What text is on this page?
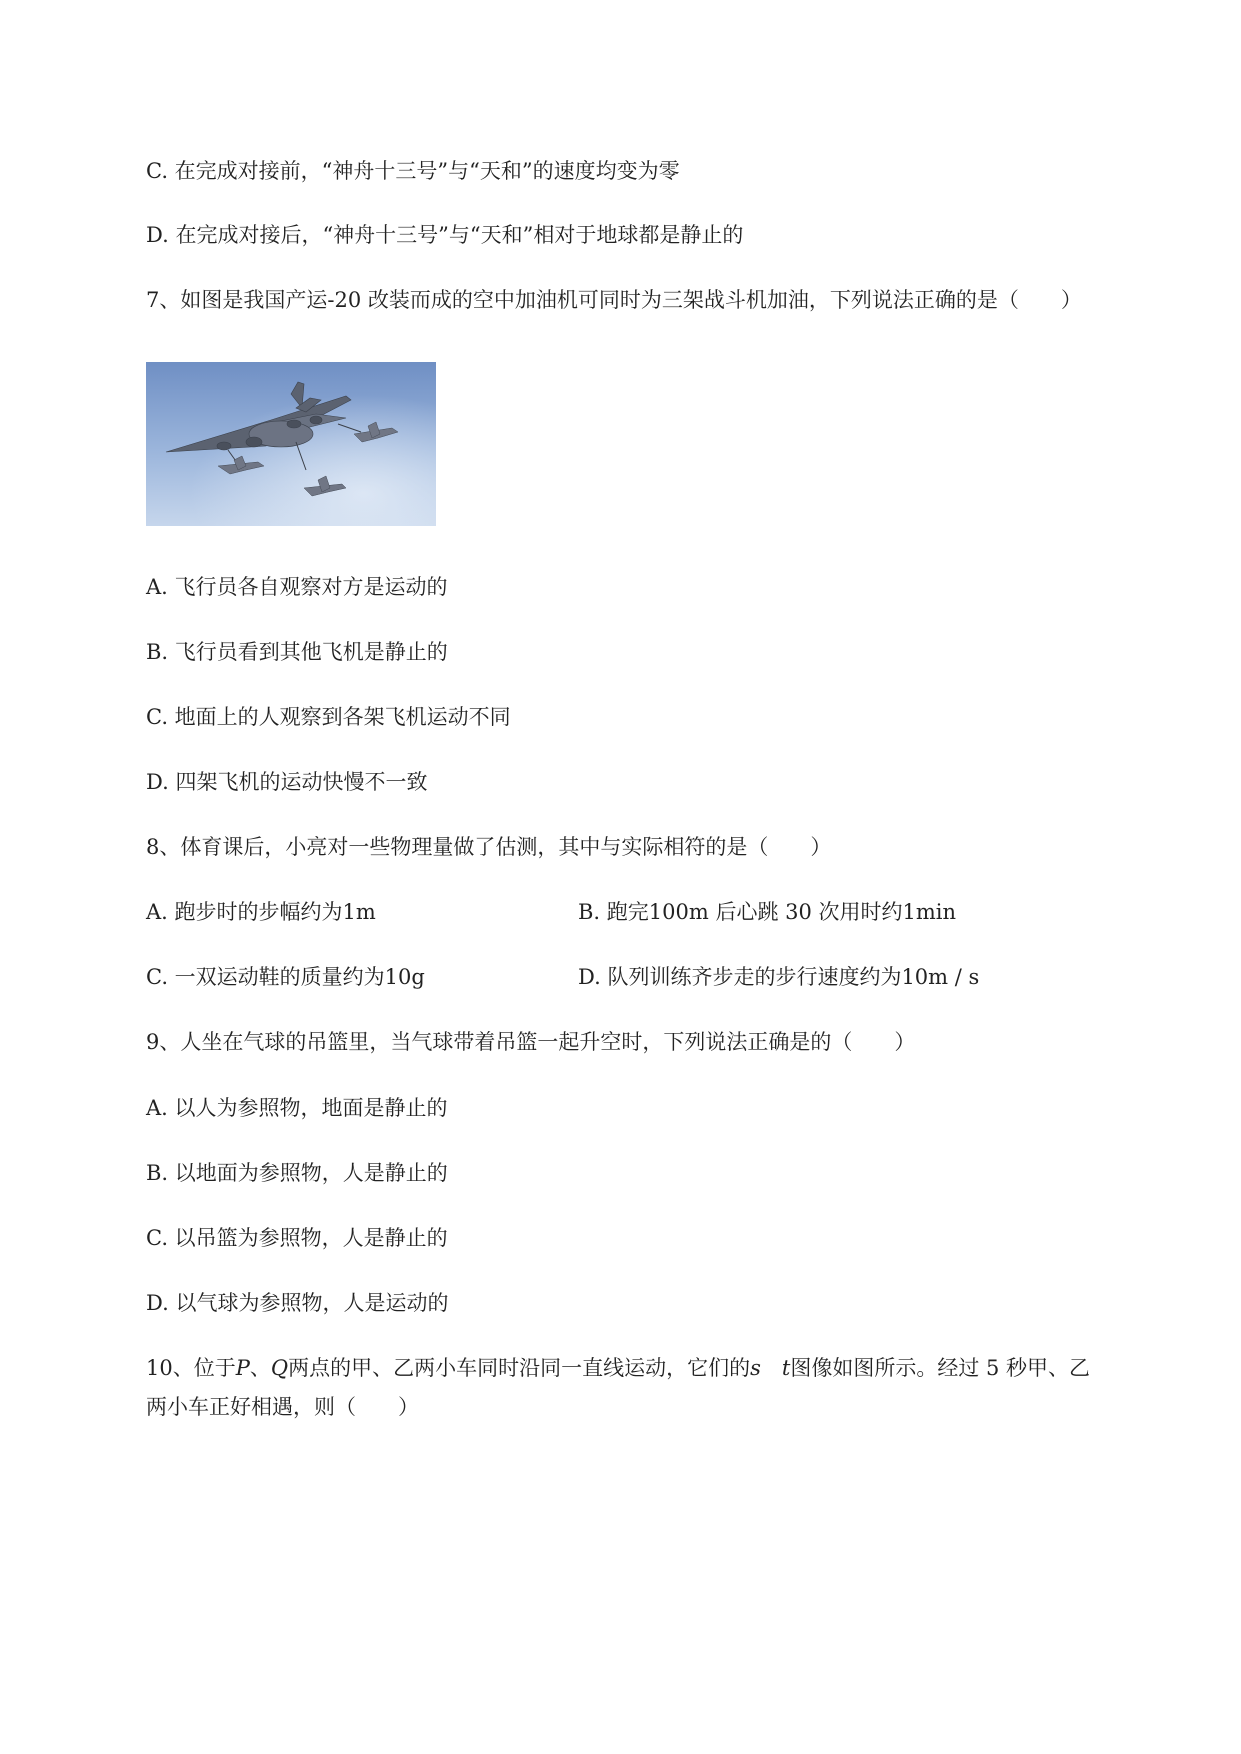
C. 在完成对接前，“神舟十三号”与“天和”的速度均变为零
D. 在完成对接后，“神舟十三号”与“天和”相对于地球都是静止的
7、如图是我国产运-20 改装而成的空中加油机可同时为三架战斗机加油，下列说法正确的是（　　）
A. 飞行员各自观察对方是运动的
B. 飞行员看到其他飞机是静止的
C. 地面上的人观察到各架飞机运动不同
D. 四架飞机的运动快慢不一致
8、体育课后，小亮对一些物理量做了估测，其中与实际相符的是（　　）
A. 跑步时的步幅约为1m	B. 跑完100m 后心跳 30 次用时约1min
C. 一双运动鞋的质量约为10g	D. 队列训练齐步走的步行速度约为10m / s
9、人坐在气球的吊篮里，当气球带着吊篮一起升空时，下列说法正确是的（　　）
A. 以人为参照物，地面是静止的
B. 以地面为参照物，人是静止的
C. 以吊篮为参照物，人是静止的
D. 以气球为参照物，人是运动的
10、位于P、Q两点的甲、乙两小车同时沿同一直线运动，它们的s  t图像如图所示。经过 5 秒甲、乙
两小车正好相遇，则（　　）
